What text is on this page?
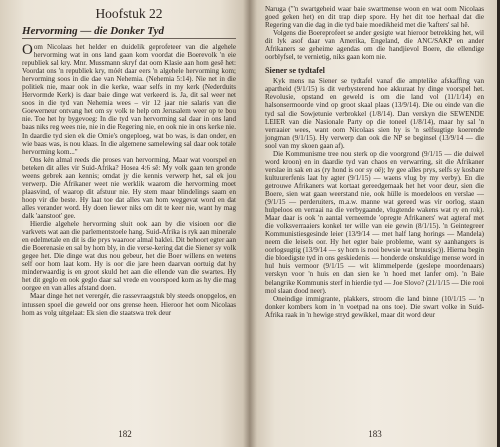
Hoofstuk 22
Hervorming — die Donker Tyd

Oom Nicolaas het helder en duidelik geprofeteer van die algehele hervorming wat in ons land gaan kom voordat die Boerevolk 'n eie republiek sal kry. Mnr. Mussmann skryf dat oom Klasie aan hom gesê het: Voordat ons 'n republiek kry, móét daar eers 'n algehele hervorming kom; hervorming soos in die dae van Nehemia. (Nehemia 5:14). Nie net in die politiek nie, maar ook in die kerke, waar selfs in my kerk (Nederduits Hervormde Kerk) is daar baie dinge wat verkeerd is. Ja, dit sal weer net soos in die tyd van Nehemia wees – vir 12 jaar nie salaris van die Goewerneur ontvang het om sy volk te help om Jerusalem weer op te bou nie. Toe het hy bygevoeg: In die tyd van hervorming sal daar in ons land baas niks reg wees nie, nie in die Regering nie, en ook nie in ons kerke nie. In daardie tyd sien ek die Omie's ongeploeg, wat bo was, is dan onder, en wie baas was, is nou klaas. In die algemene samelewing sal daar ook totale hervorming kom..."

Ons kén almal reeds die proses van hervorming. Maar wat voorspel en beteken dit alles vir Suid-Afrika? Hosea 4:6 sê: My volk gaan ten gronde weens gebrek aan kennis; omdat jy die kennis verwerp het, sal ek jou verwerp. Die Afrikaner weet nie werklik waarom die hervorming moet plaasvind, of waarop dit afstuur nie. Hy stem maar blindelings saam en hoop vir die beste. Hy laat toe dat alles van hom weggevat word en dat alles verander word. Hy doen liewer niks om dit te keer nie, want hy mag dalk 'aanstoot' gee.

Hierdie algehele hervorming sluit ook aan by die visioen oor die varkvets wat aan die parlementstoele hang. Suid-Afrika is ryk aan minerale en edelmetale en dit is die prys waaroor almal baklei. Dit behoort egter aan die Boerenasie en sal by hom bly, in die verse-kering dat die Siener sy volk gegee het. Die dinge wat dus nou gebeur, het die Boer willens en wetens self oor hom laat kom. Hy is oor die jare heen daarvan oortuig dat hy minderwaardig is en groot skuld het aan die ellende van die swartes. Hy het dit geglo en ook geglo daar sal vrede en voorspoed kom as hy die mag oorgee en van alles afstand doen.

Maar dinge het net verergér, die rassevraagstuk bly steeds onopgelos, en intussen spoel die geweld oor ons grense heen. Hieroor het oom Nicolaas hom as volg uitgelaat: Ek sien die staatswa trek deur

182

Naruga ("'n swartgeheid waar baie swartmense woon en wat oom Nicolaas goed geken het) en dit trap diep spore. Hy het dit toe herhaal dat die Regering van die dag in die tyd baie moedikheid met die 'kafters' sal hê.

Volgens die Boereprofeet se ander gesigte wat hieroor betrekking het, wil dit lyk asof daar van Amerika, Engeland, die ANC/SAKP en ander Afrikaners se geheime agendas om die handjievol Boere, die ellendige oorblyfsel, te vernietig, niks gaan kom nie.

Siener se tydtafel

Kyk mens na Siener se tydtafel vanaf die amptelike afskaffing van apartheid (9/1/15) is dit verbysterend hoe akkuraat hy dinge voorspel het. Revolusie, opstand en geweld is om die land vol (11/1/14) en halsonsermoorde vind op groot skaal plaas (13/9/14). Die ou einde van die tyd sal die Sowjetunie verbrokkel (1/8/14). Dan verskyn die SEWENDE LEIER van die Nasionale Party op die toneel (1/8/14), maar hy sal 'n verraaier wees, want oom Nicolaas sien hy is 'n selfsugtige koerende jongman (9/1/15). Hy verwerp dan ook die NP se beginsel (13/9/14 — die sool van my skoen gaan af).

Die Kommunisme tree nou sterk op die voorgrond (9/1/15 — die duiwel word kroon) en in daardie tyd van chaos en verwarring, sit die Afrikaner verslae in sak en as (ry hond is oor sy oë); hy gee alles prys, selfs sy kosbare kultuurerfenis laat hy agter (9/1/15) — waens vlug by my verby). En die getrouwe Afrikaners wat kortaat gereedgemaak het het voor deur, sien die Boere, sien wat gaan weerstand nie, ook hülle is moedeloos en verslae —(9/1/15 — perderuiters, m.a.w. manne wat gereed was vir oorlog, staan hulpeloos en verraai na die verbygaande, vlugtende wakens wat ry en rok). Maar daar is ook 'n aantal verneemde 'opregte Afrikaners' wat agteraf met die volksverraaiers konkel ter wille van eie gewin (8/1/15). 'n Geintegreer Kommunistiesgesinde leier (13/9/14 — met half lang horings — Mandela) neem die leisels oor. Hy het egter baie probleme, want sy aanhangers is oorlogsugtig (13/9/14 — sy horn is rooi bewsie wat bruus(sc)). Hierna begin die bloedigste tyd in ons geskiedenis — honderde onskuldige mense word in hul huis vermoor (9/1/15 — wit klimmelperde (geslepe moordenaars) verskyn voor 'n huis en dan sien ke 'n hoed met lanfer om). 'n Baie belangrike Kommunis sterf in hierdie tyd — Joe Slovo? (21/1/15 — Die rooi mol slaan dood neer).

Oneindige immigrante, plakkers, stroom die land binne (10/1/15 — 'n donker kombers kom in 'n voetpad na ons toe). Die swart volke in Suid-Afrika raak in 'n hewige stryd gewikkel, maar dit word deur

183
